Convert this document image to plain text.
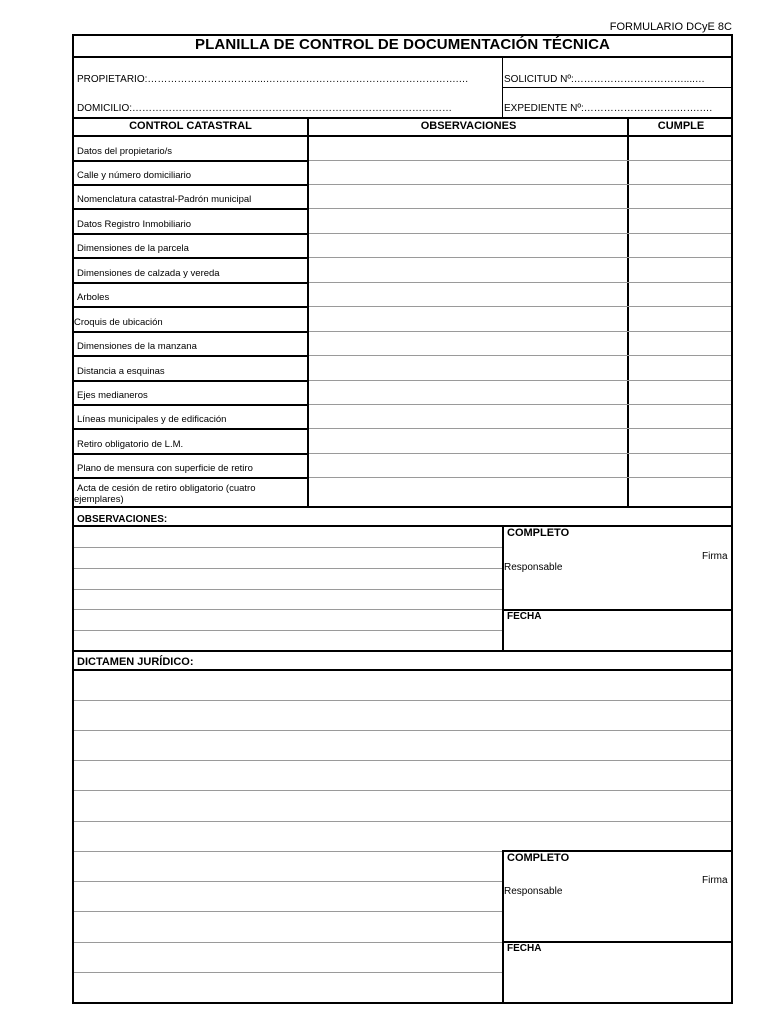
FORMULARIO DCyE 8C
PLANILLA DE CONTROL DE DOCUMENTACIÓN TÉCNICA
PROPIETARIO:……………………………...………………………………………………….…
DOMICILIO:……………………………………………………………………………………
SOLICITUD Nº:……………………………....…
EXPEDIENTE Nº:……………………….…….….
CONTROL CATASTRAL	OBSERVACIONES	CUMPLE
Datos del propietario/s
Calle y número domiciliario
Nomenclatura catastral-Padrón municipal
Datos Registro Inmobiliario
Dimensiones de la parcela
Dimensiones de calzada y vereda
Arboles
Croquis de ubicación
Dimensiones de la manzana
Distancia a esquinas
Ejes medianeros
Líneas municipales y de edificación
Retiro obligatorio de L.M.
Plano de mensura con superficie de retiro
Acta de cesión de retiro obligatorio (cuatro
ejemplares)
OBSERVACIONES:
COMPLETO
Firma
Responsable
FECHA
DICTAMEN JURÍDICO:
COMPLETO
Firma
Responsable
FECHA
